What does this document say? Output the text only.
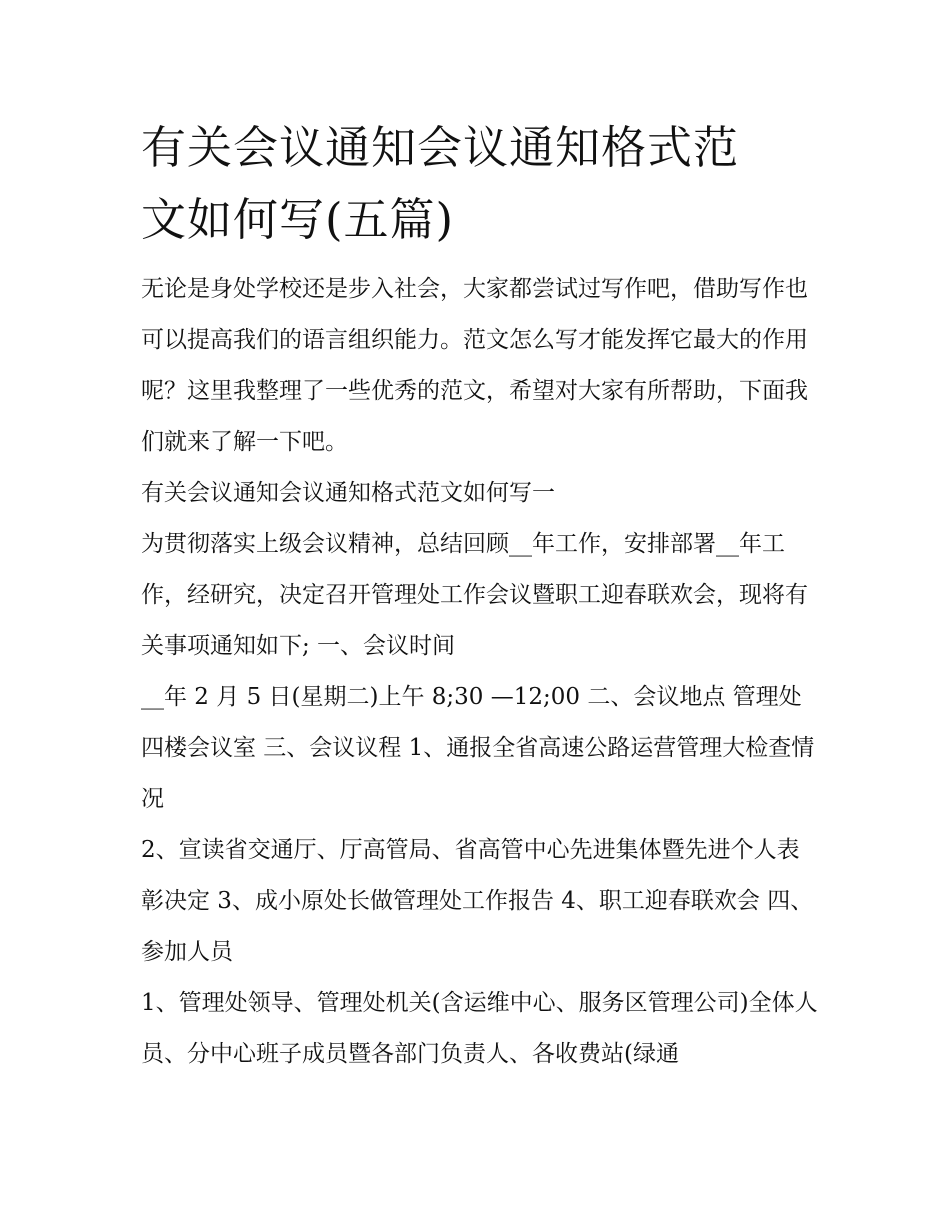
有关会议通知会议通知格式范
文如何写(五篇)

无论是身处学校还是步入社会，大家都尝试过写作吧，借助写作也可以提高我们的语言组织能力。范文怎么写才能发挥它最大的作用呢？这里我整理了一些优秀的范文，希望对大家有所帮助，下面我们就来了解一下吧。

有关会议通知会议通知格式范文如何写一

为贯彻落实上级会议精神，总结回顾__年工作，安排部署__年工作，经研究，决定召开管理处工作会议暨职工迎春联欢会，现将有关事项通知如下; 一、会议时间

__年 2 月 5 日(星期二)上午 8;30 —12;00 二、会议地点 管理处四楼会议室 三、会议议程 1、通报全省高速公路运营管理大检查情况

2、宣读省交通厅、厅高管局、省高管中心先进集体暨先进个人表彰决定 3、成小原处长做管理处工作报告 4、职工迎春联欢会 四、参加人员

1、管理处领导、管理处机关(含运维中心、服务区管理公司)全体人员、分中心班子成员暨各部门负责人、各收费站(绿通
